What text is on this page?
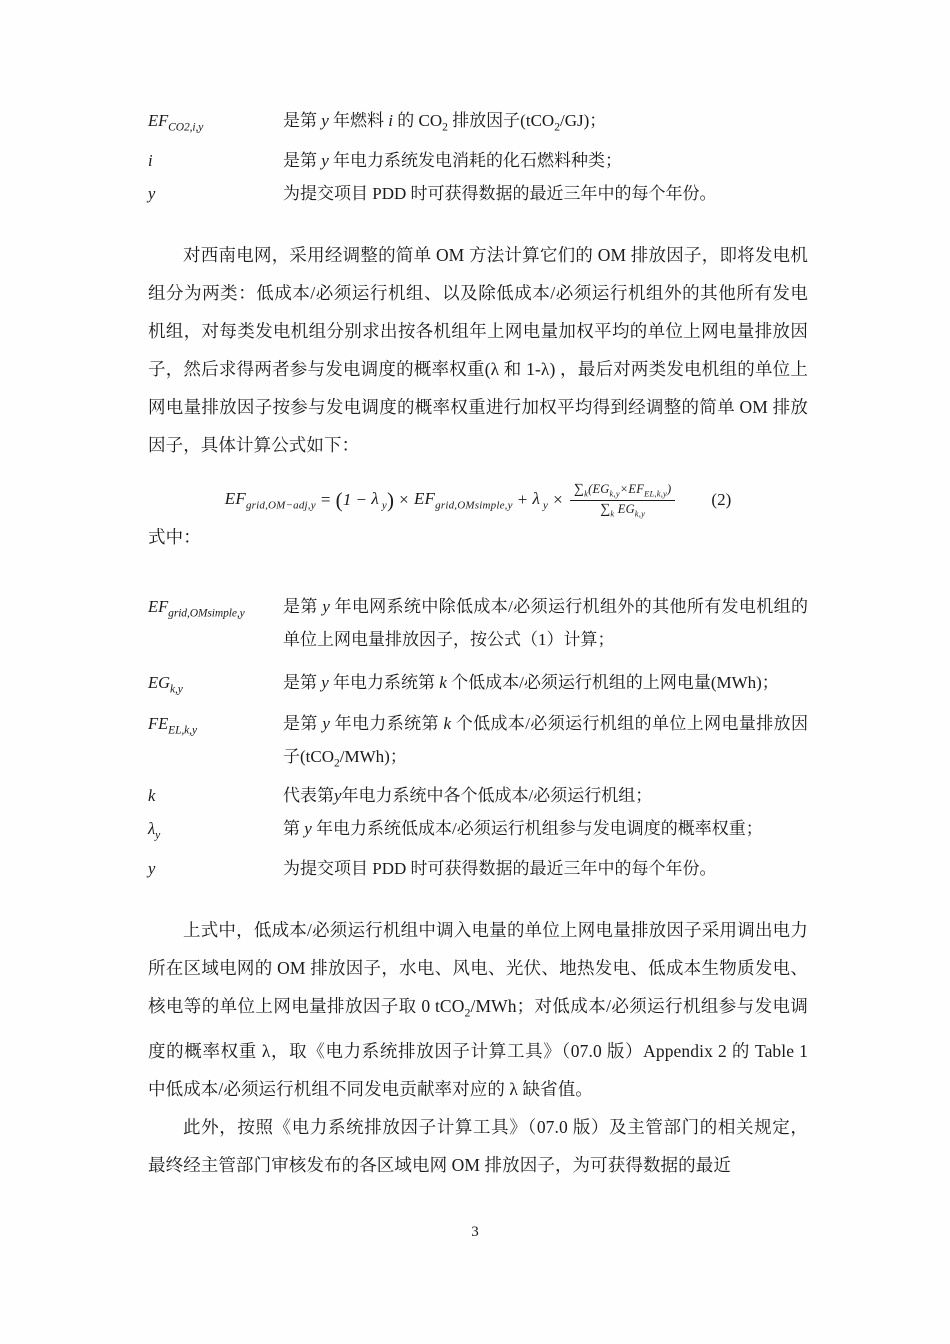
$EF_{CO2,i,y}$	是第 y 年燃料 i 的 $CO_2$ 排放因子(tCO$_2$/GJ)；
i	是第 y 年电力系统发电消耗的化石燃料种类；
y	为提交项目 PDD 时可获得数据的最近三年中的每个年份。

对西南电网，采用经调整的简单 OM 方法计算它们的 OM 排放因子，即将发电机组分为两类：低成本/必须运行机组、以及除低成本/必须运行机组外的其他所有发电机组，对每类发电机组分别求出按各机组年上网电量加权平均的单位上网电量排放因子，然后求得两者参与发电调度的概率权重(λ 和 1-λ) ，最后对两类发电机组的单位上网电量排放因子按参与发电调度的概率权重进行加权平均得到经调整的简单 OM 排放因子，具体计算公式如下：

$EF_{grid,OM-adj,y}$ = ( 1 − λ $_y$ ) × $EF_{grid,OMsimple,y} + \lambda$ $_y \times \frac{\sum_k(EG_{k,y}\times EF_{EL,k,y})}{\sum_k EG_{k,y}} (2)$

式中：

$EF_{grid,OMsimple,y}$	是第 y 年电网系统中除低成本/必须运行机组外的其他所有发电机组的单位上网电量排放因子，按公式（1）计算；
$EG_{k,y}$	是第 y 年电力系统第 k 个低成本/必须运行机组的上网电量(MWh)；
$FE_{EL,k,y}$	是第 y 年电力系统第 k 个低成本/必须运行机组的单位上网电量排放因子(tCO$_2$/MWh)；
k	代表第y年电力系统中各个低成本/必须运行机组；
$\lambda_y$	第 y 年电力系统低成本/必须运行机组参与发电调度的概率权重；
y	为提交项目 PDD 时可获得数据的最近三年中的每个年份。

上式中，低成本/必须运行机组中调入电量的单位上网电量排放因子采用调出电力所在区域电网的 OM 排放因子，水电、风电、光伏、地热发电、低成本生物质发电、核电等的单位上网电量排放因子取 0 tCO$_2$/MWh；对低成本/必须运行机组参与发电调度的概率权重 λ，取《电力系统排放因子计算工具》（07.0 版）Appendix 2 的 Table 1 中低成本/必须运行机组不同发电贡献率对应的 λ 缺省值。

此外，按照《电力系统排放因子计算工具》（07.0 版）及主管部门的相关规定，最终经主管部门审核发布的各区域电网 OM 排放因子，为可获得数据的最近

3
